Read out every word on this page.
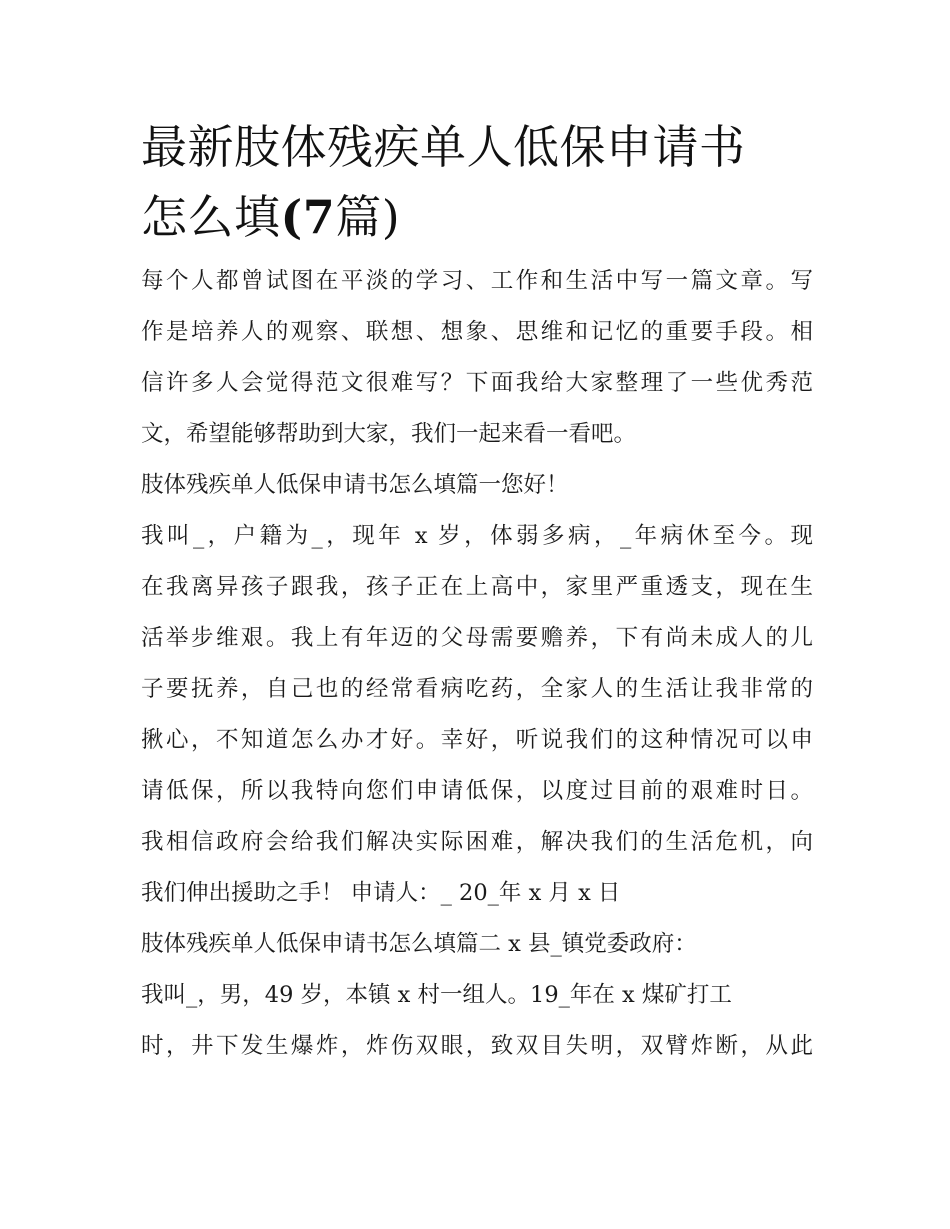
最新肢体残疾单人低保申请书
怎么填(7篇)

每个人都曾试图在平淡的学习、工作和生活中写一篇文章。写
作是培养人的观察、联想、想象、思维和记忆的重要手段。相
信许多人会觉得范文很难写？下面我给大家整理了一些优秀范
文，希望能够帮助到大家，我们一起来看一看吧。

肢体残疾单人低保申请书怎么填篇一您好！

我叫_，户籍为_，现年 x 岁，体弱多病，_年病休至今。现
在我离异孩子跟我，孩子正在上高中，家里严重透支，现在生
活举步维艰。我上有年迈的父母需要赡养，下有尚未成人的儿
子要抚养，自己也的经常看病吃药，全家人的生活让我非常的
揪心，不知道怎么办才好。幸好，听说我们的这种情况可以申
请低保，所以我特向您们申请低保，以度过目前的艰难时日。
我相信政府会给我们解决实际困难，解决我们的生活危机，向
我们伸出援助之手！ 申请人：_ 20_年 x 月 x 日

肢体残疾单人低保申请书怎么填篇二 x 县_镇党委政府：

我叫_，男，49 岁，本镇 x 村一组人。19_年在 x 煤矿打工
时，井下发生爆炸，炸伤双眼，致双目失明，双臂炸断，从此
